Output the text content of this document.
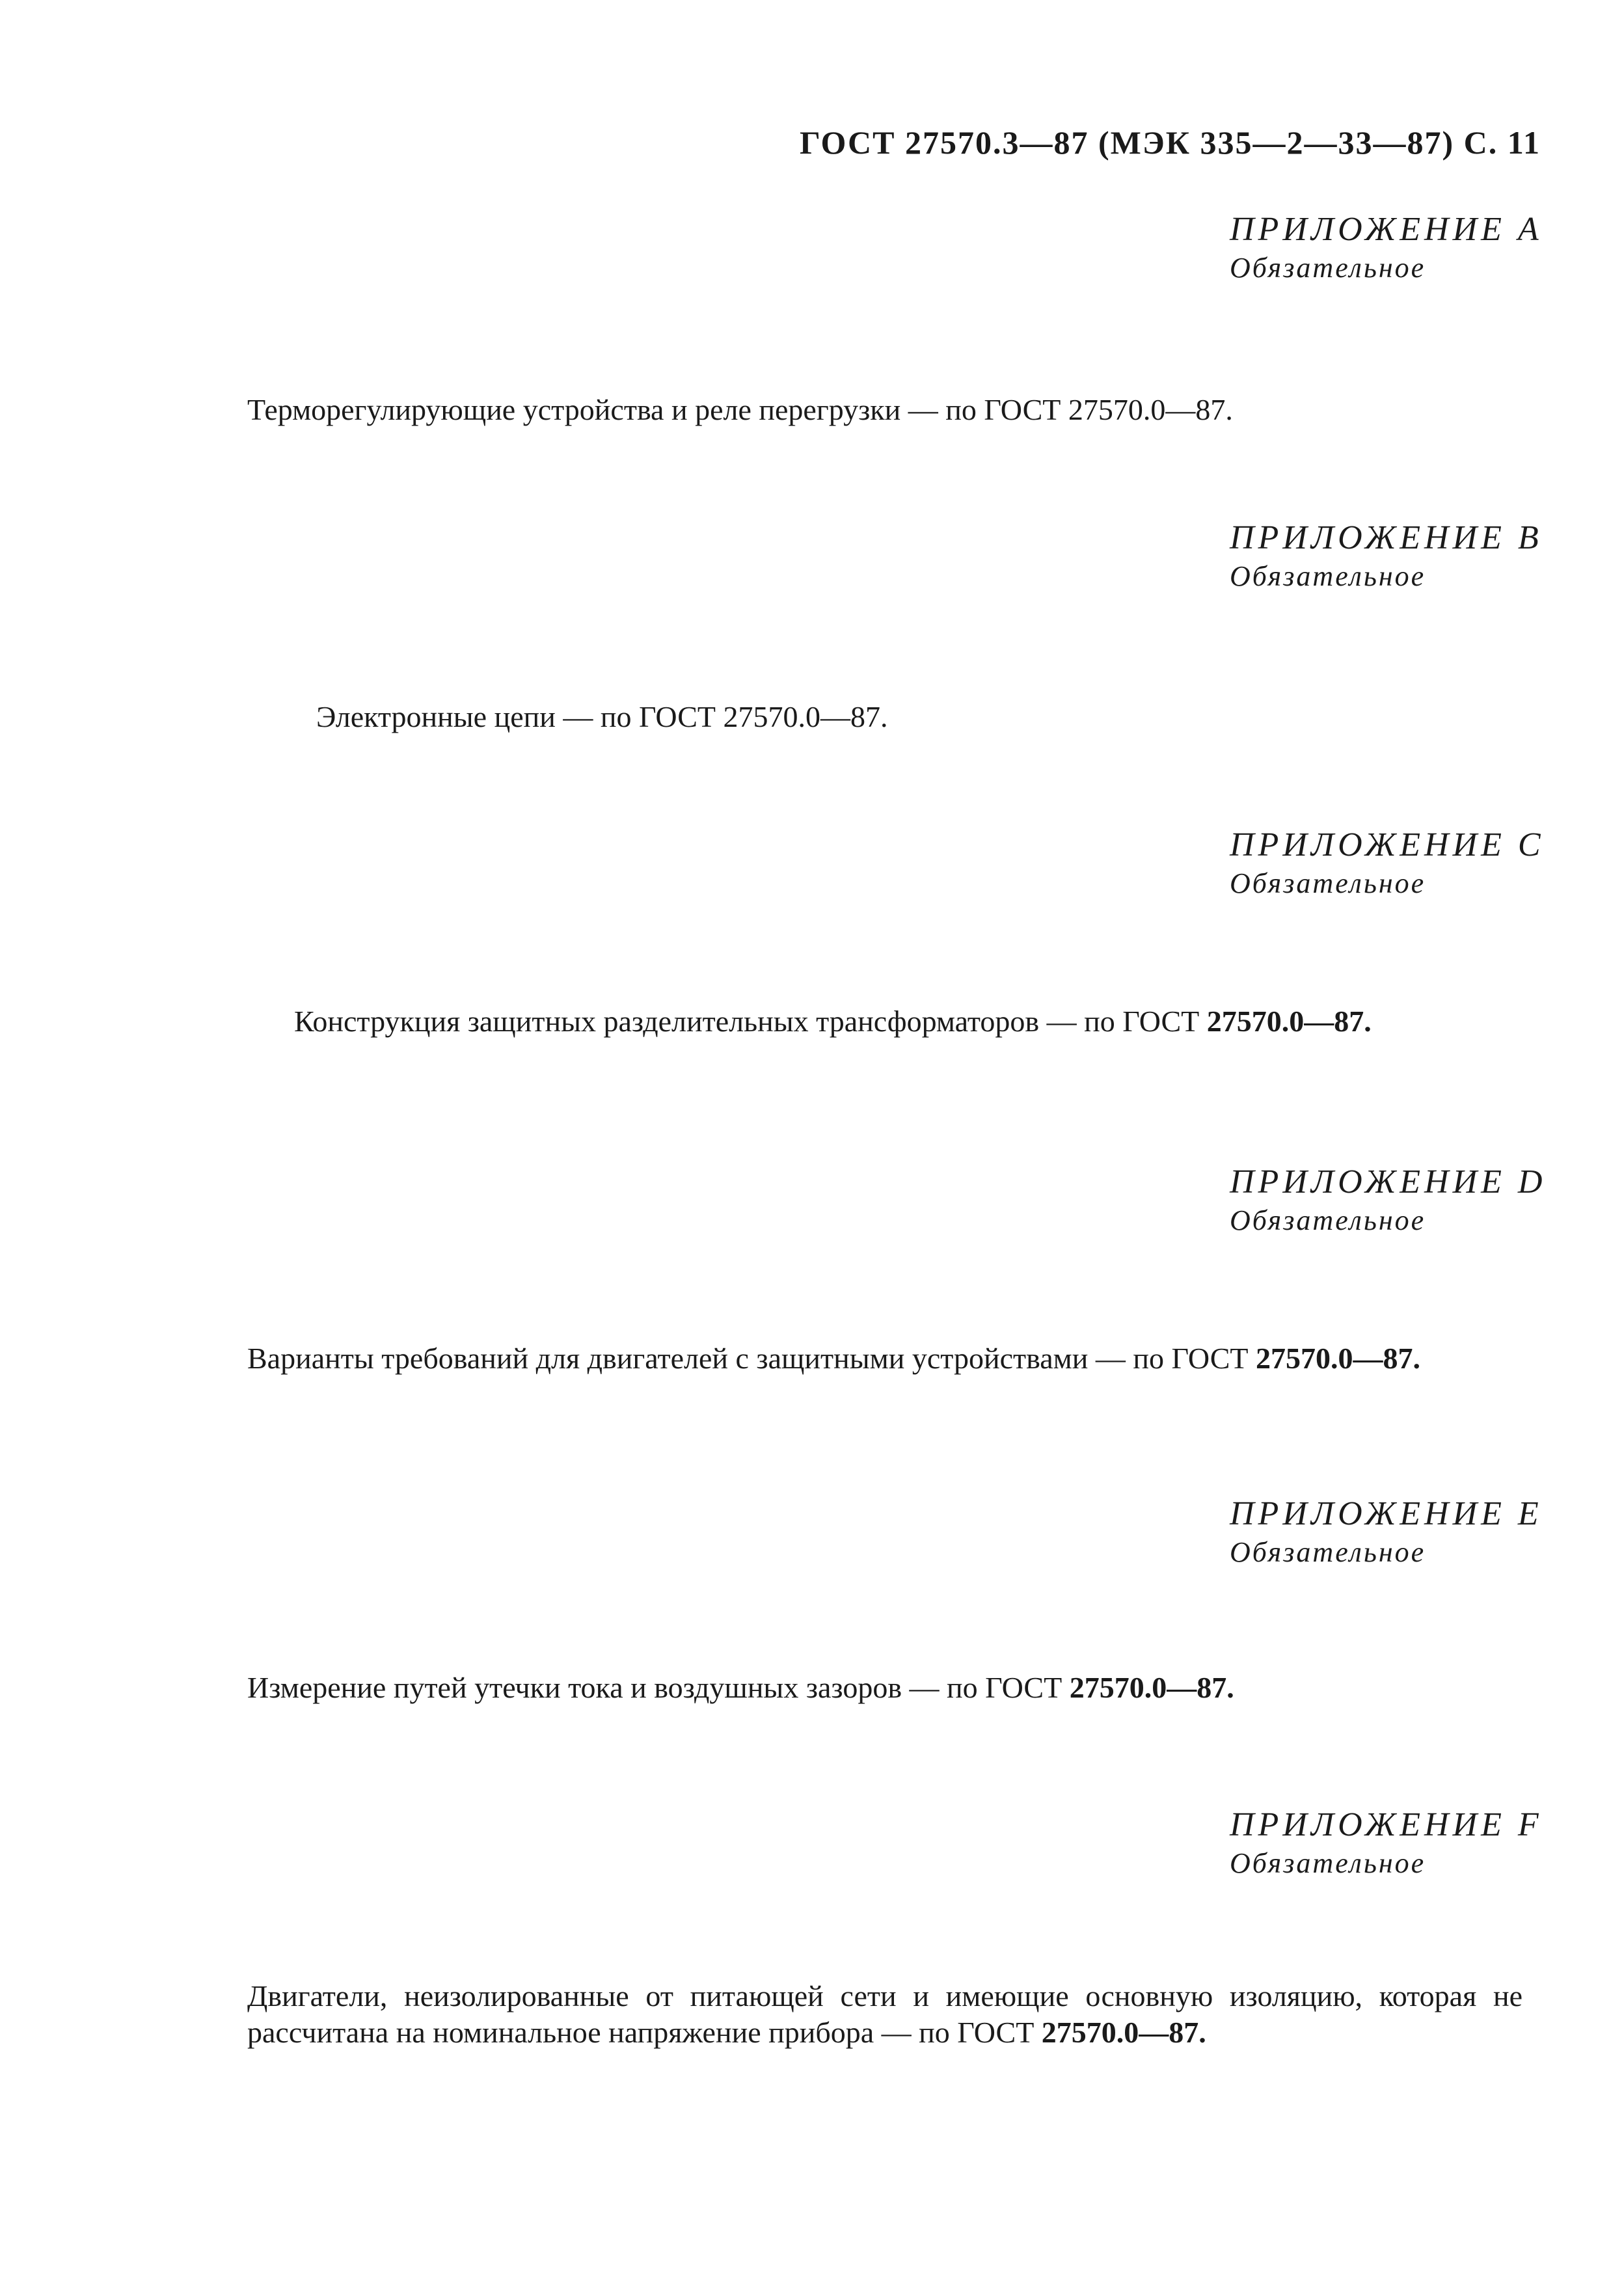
ГОСТ 27570.3—87 (МЭК 335—2—33—87) С. 11
ПРИЛОЖЕНИЕ A
Обязательное
Терморегулирующие устройства и реле перегрузки — по ГОСТ 27570.0—87.
ПРИЛОЖЕНИЕ B
Обязательное
Электронные цепи — по ГОСТ 27570.0—87.
ПРИЛОЖЕНИЕ C
Обязательное
Конструкция защитных разделительных трансформаторов — по ГОСТ 27570.0—87.
ПРИЛОЖЕНИЕ D
Обязательное
Варианты требований для двигателей с защитными устройствами — по ГОСТ 27570.0—87.
ПРИЛОЖЕНИЕ E
Обязательное
Измерение путей утечки тока и воздушных зазоров — по ГОСТ 27570.0—87.
ПРИЛОЖЕНИЕ F
Обязательное
Двигатели, неизолированные от питающей сети и имеющие основную изоляцию, которая не рассчитана на номинальное напряжение прибора — по ГОСТ 27570.0—87.
